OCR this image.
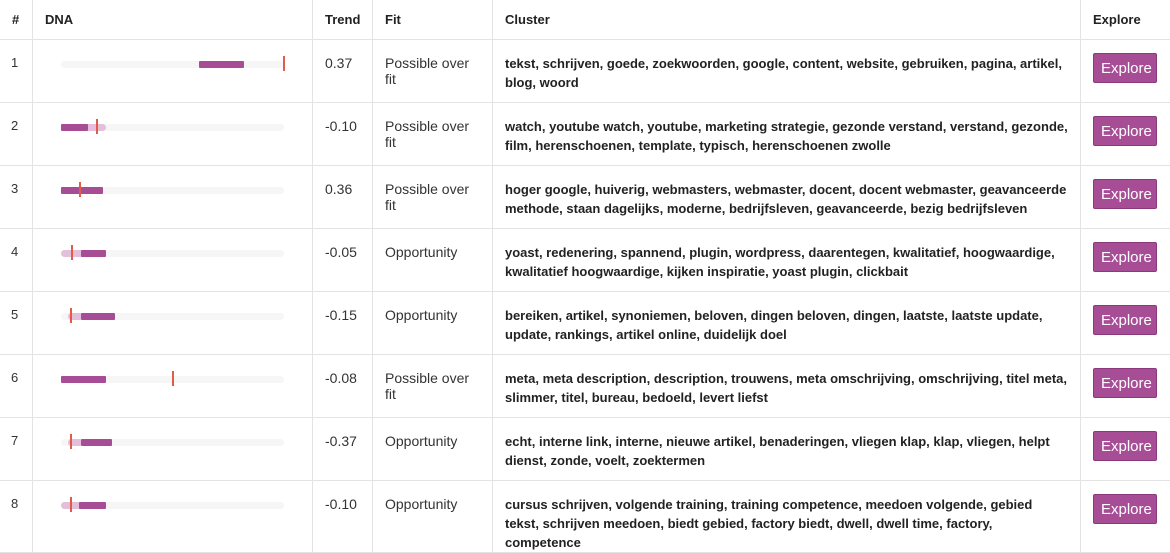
#	DNA	Trend	Fit	Cluster	Explore
1		0.37	Possible over fit	tekst, schrijven, goede, zoekwoorden, google, content, website, gebruiken, pagina, artikel, blog, woord	Explore
2		-0.10	Possible over fit	watch, youtube watch, youtube, marketing strategie, gezonde verstand, verstand, gezonde, film, herenschoenen, template, typisch, herenschoenen zwolle	Explore
3		0.36	Possible over fit	hoger google, huiverig, webmasters, webmaster, docent, docent webmaster, geavanceerde methode, staan dagelijks, moderne, bedrijfsleven, geavanceerde, bezig bedrijfsleven	Explore
4		-0.05	Opportunity	yoast, redenering, spannend, plugin, wordpress, daarentegen, kwalitatief, hoogwaardige, kwalitatief hoogwaardige, kijken inspiratie, yoast plugin, clickbait	Explore
5		-0.15	Opportunity	bereiken, artikel, synoniemen, beloven, dingen beloven, dingen, laatste, laatste update, update, rankings, artikel online, duidelijk doel	Explore
6		-0.08	Possible over fit	meta, meta description, description, trouwens, meta omschrijving, omschrijving, titel meta, slimmer, titel, bureau, bedoeld, levert liefst	Explore
7		-0.37	Opportunity	echt, interne link, interne, nieuwe artikel, benaderingen, vliegen klap, klap, vliegen, helpt dienst, zonde, voelt, zoektermen	Explore
8		-0.10	Opportunity	cursus schrijven, volgende training, training competence, meedoen volgende, gebied tekst, schrijven meedoen, biedt gebied, factory biedt, dwell, dwell time, factory, competence	Explore
